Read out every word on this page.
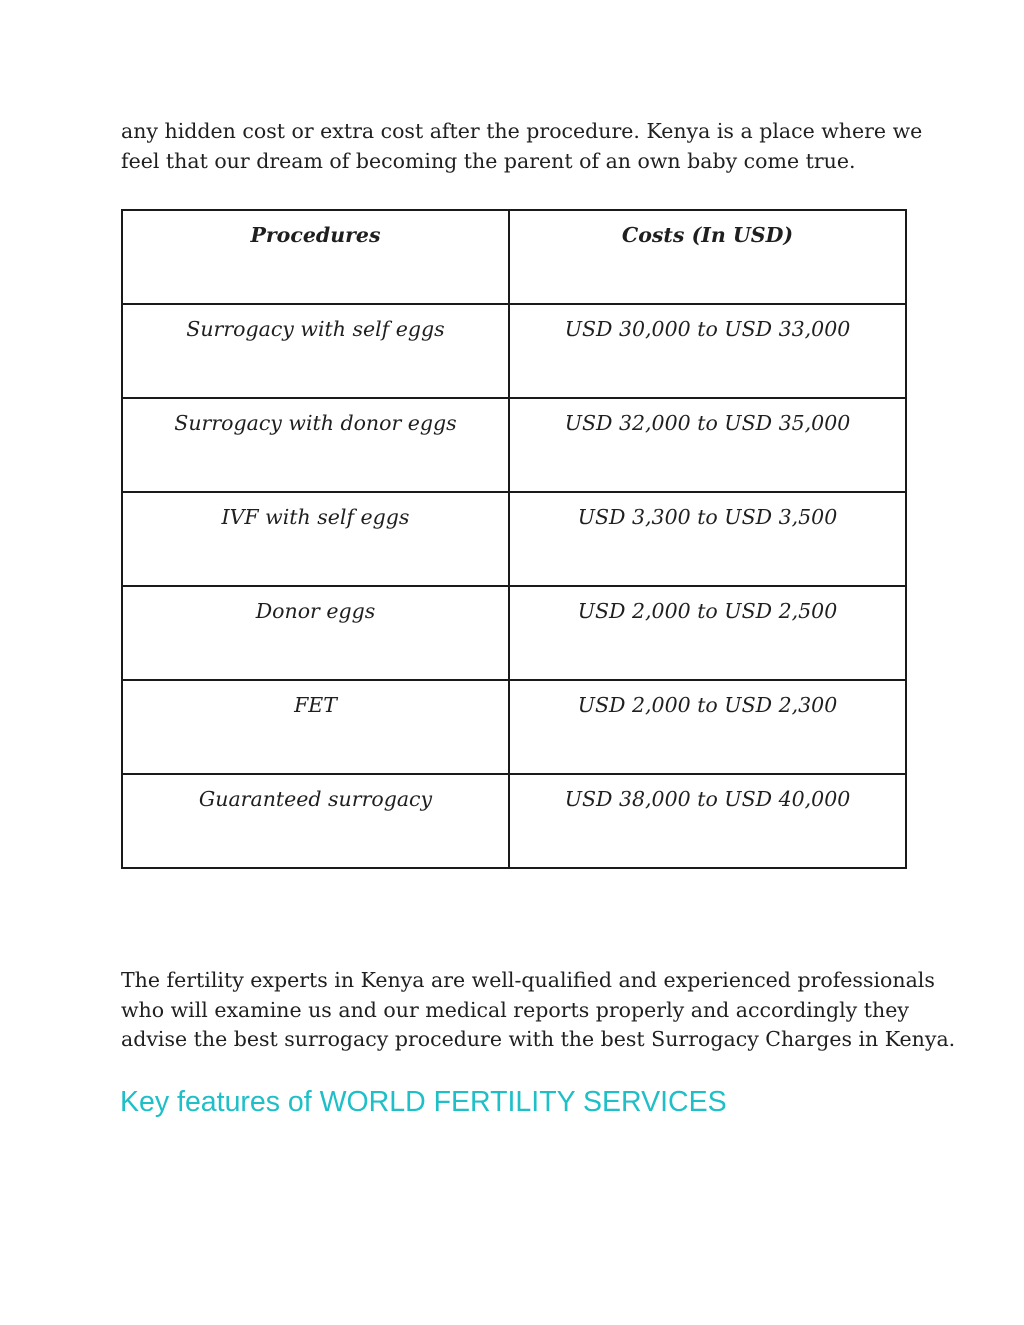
any hidden cost or extra cost after the procedure. Kenya is a place where we
feel that our dream of becoming the parent of an own baby come true.

Procedures	Costs (In USD)
Surrogacy with self eggs	USD 30,000 to USD 33,000
Surrogacy with donor eggs	USD 32,000 to USD 35,000
IVF with self eggs	USD 3,300 to USD 3,500
Donor eggs	USD 2,000 to USD 2,500
FET	USD 2,000 to USD 2,300
Guaranteed surrogacy	USD 38,000 to USD 40,000

The fertility experts in Kenya are well-qualified and experienced professionals
who will examine us and our medical reports properly and accordingly they
advise the best surrogacy procedure with the best Surrogacy Charges in Kenya.

Key features of WORLD FERTILITY SERVICES
